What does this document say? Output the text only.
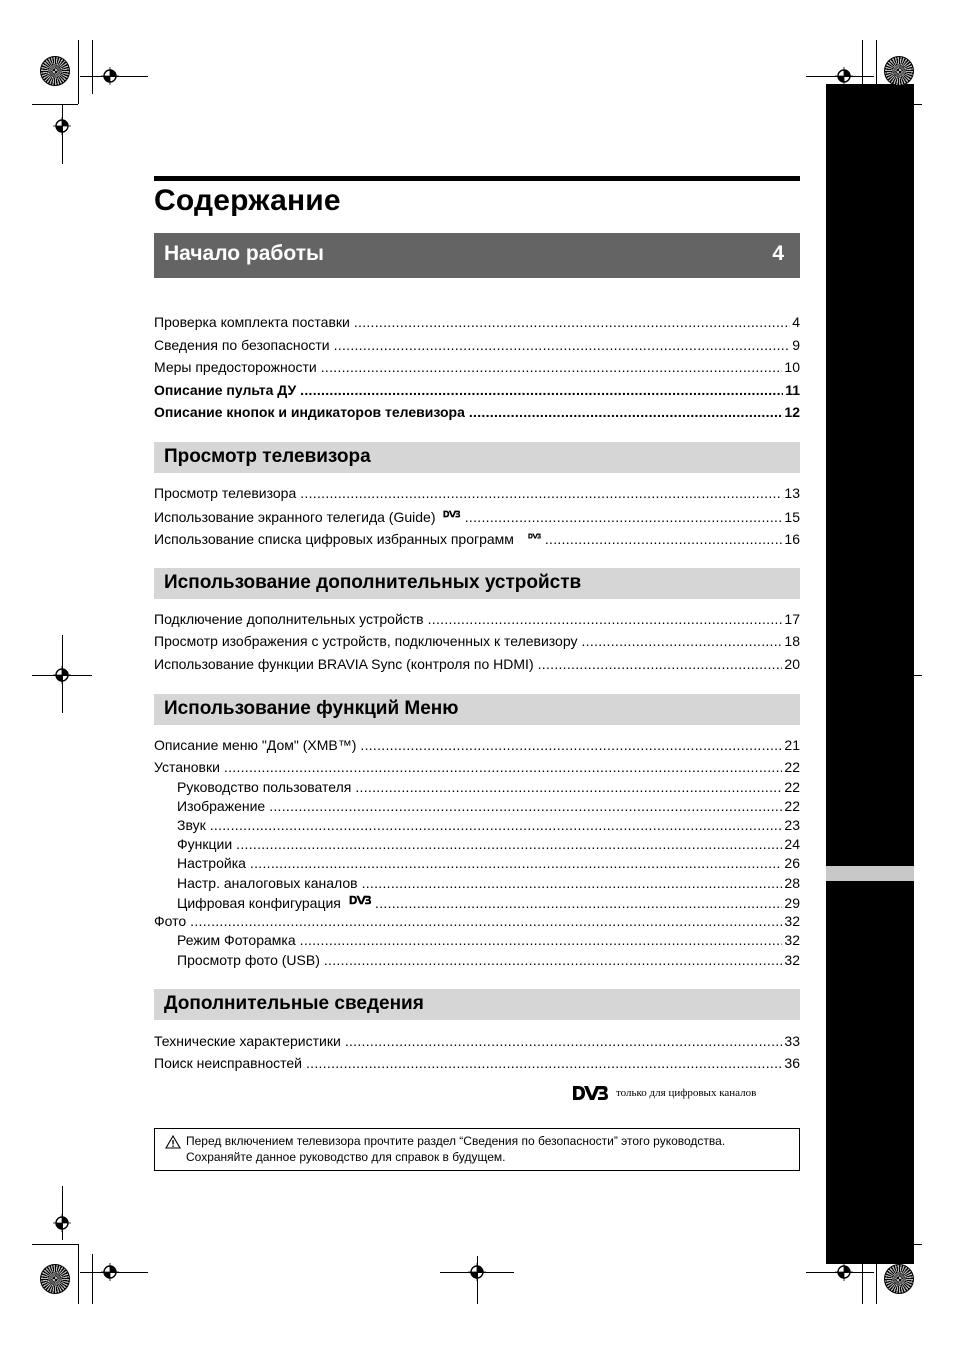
Содержание
Начало работы	4
Проверка комплекта поставки . . .	4
Сведения по безопасности . . .	9
Меры предосторожности . . .	10
Описание пульта ДУ . . .	11
Описание кнопок и индикаторов телевизора . . .	12
Просмотр телевизора
Просмотр телевизора . . .	13
Использование экранного телегида (Guide) . . .	15
Использование списка цифровых избранных программ . . .	16
Использование дополнительных устройств
Подключение дополнительных устройств . . .	17
Просмотр изображения с устройств, подключенных к телевизору . . .	18
Использование функции BRAVIA Sync (контроля по HDMI) . . .	20
Использование функций Меню
Описание меню "Дом" (XMB™) . . .	21
Установки . . .	22
Руководство пользователя . . .	22
Изображение . . .	22
Звук . . .	23
Функции . . .	24
Настройка . . .	26
Настр. аналоговых каналов . . .	28
Цифровая конфигурация . . .	29
Фото . . .	32
Режим Фоторамка . . .	32
Просмотр фото (USB) . . .	32
Дополнительные сведения
Технические характеристики . . .	33
Поиск неисправностей . . .	36
только для цифровых каналов
Перед включением телевизора прочтите раздел “Сведения по безопасности” этого руководства.
Сохраняйте данное руководство для справок в будущем.
